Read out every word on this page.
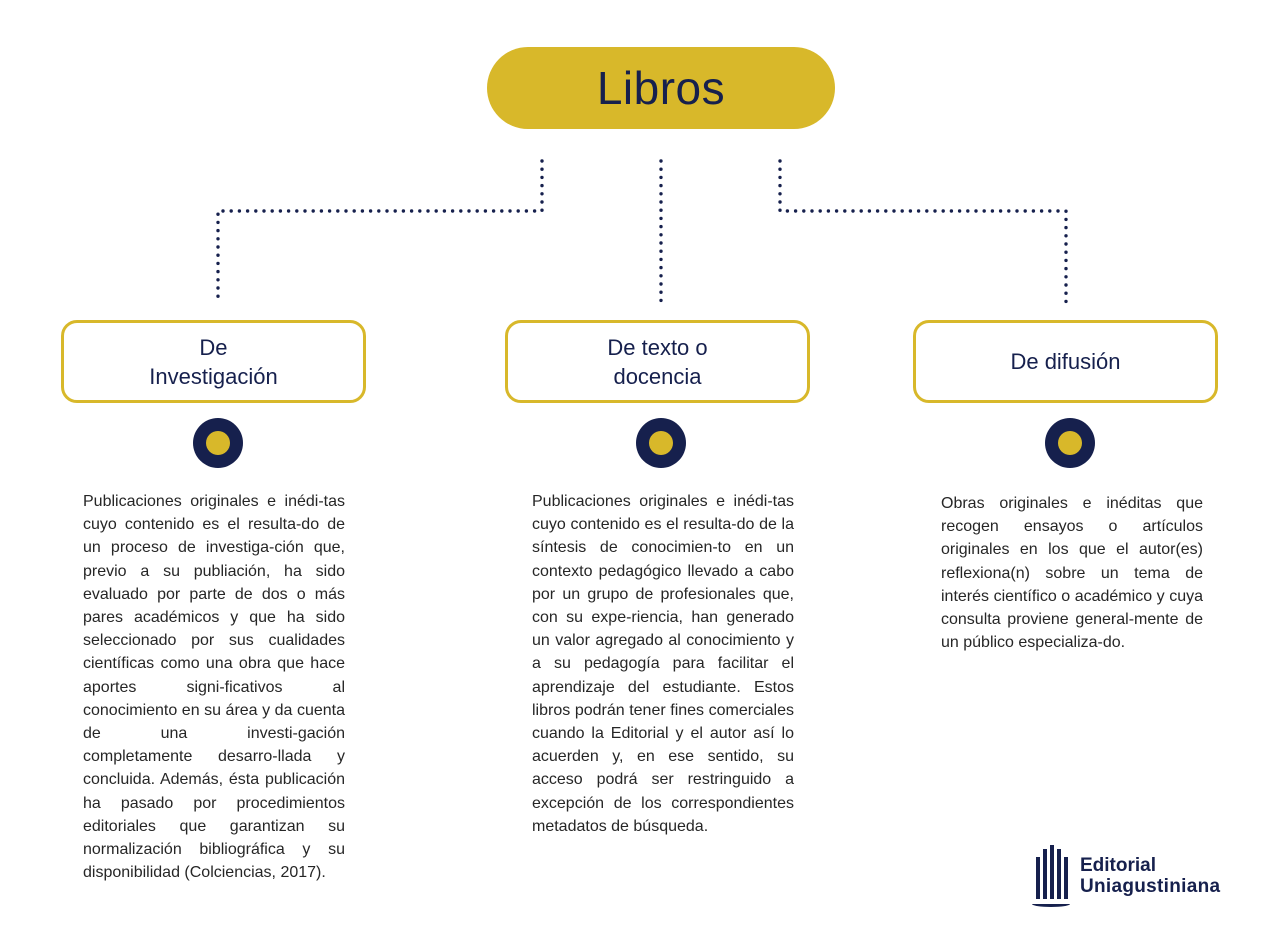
Libros
De
Investigación
Publicaciones originales e inédi-tas cuyo contenido es el resulta-do de un proceso de investiga-ción que, previo a su publiación, ha sido evaluado por parte de dos o más pares académicos y que ha sido seleccionado por sus cualidades científicas como una obra que hace aportes signi-ficativos al conocimiento en su área y da cuenta de una investi-gación completamente desarro-llada y concluida. Además, ésta publicación ha pasado por procedimientos editoriales que garantizan su normalización bibliográfica y su disponibilidad (Colciencias, 2017).
De texto o
docencia
Publicaciones originales e inédi-tas cuyo contenido es el resulta-do de la síntesis de conocimien-to en un contexto pedagógico llevado a cabo por un grupo de profesionales que, con su expe-riencia, han generado un valor agregado al conocimiento y a su pedagogía para facilitar el aprendizaje del estudiante. Estos libros podrán tener fines comerciales cuando la Editorial y el autor así lo acuerden y, en ese sentido, su acceso podrá ser restringuido a excepción de los correspondientes metadatos de búsqueda.
De difusión
Obras originales e inéditas que recogen ensayos o artículos originales en los que el autor(es) reflexiona(n) sobre un tema de interés científico o académico y cuya consulta proviene general-mente de un público especializa-do.
Editorial
Uniagustiniana
